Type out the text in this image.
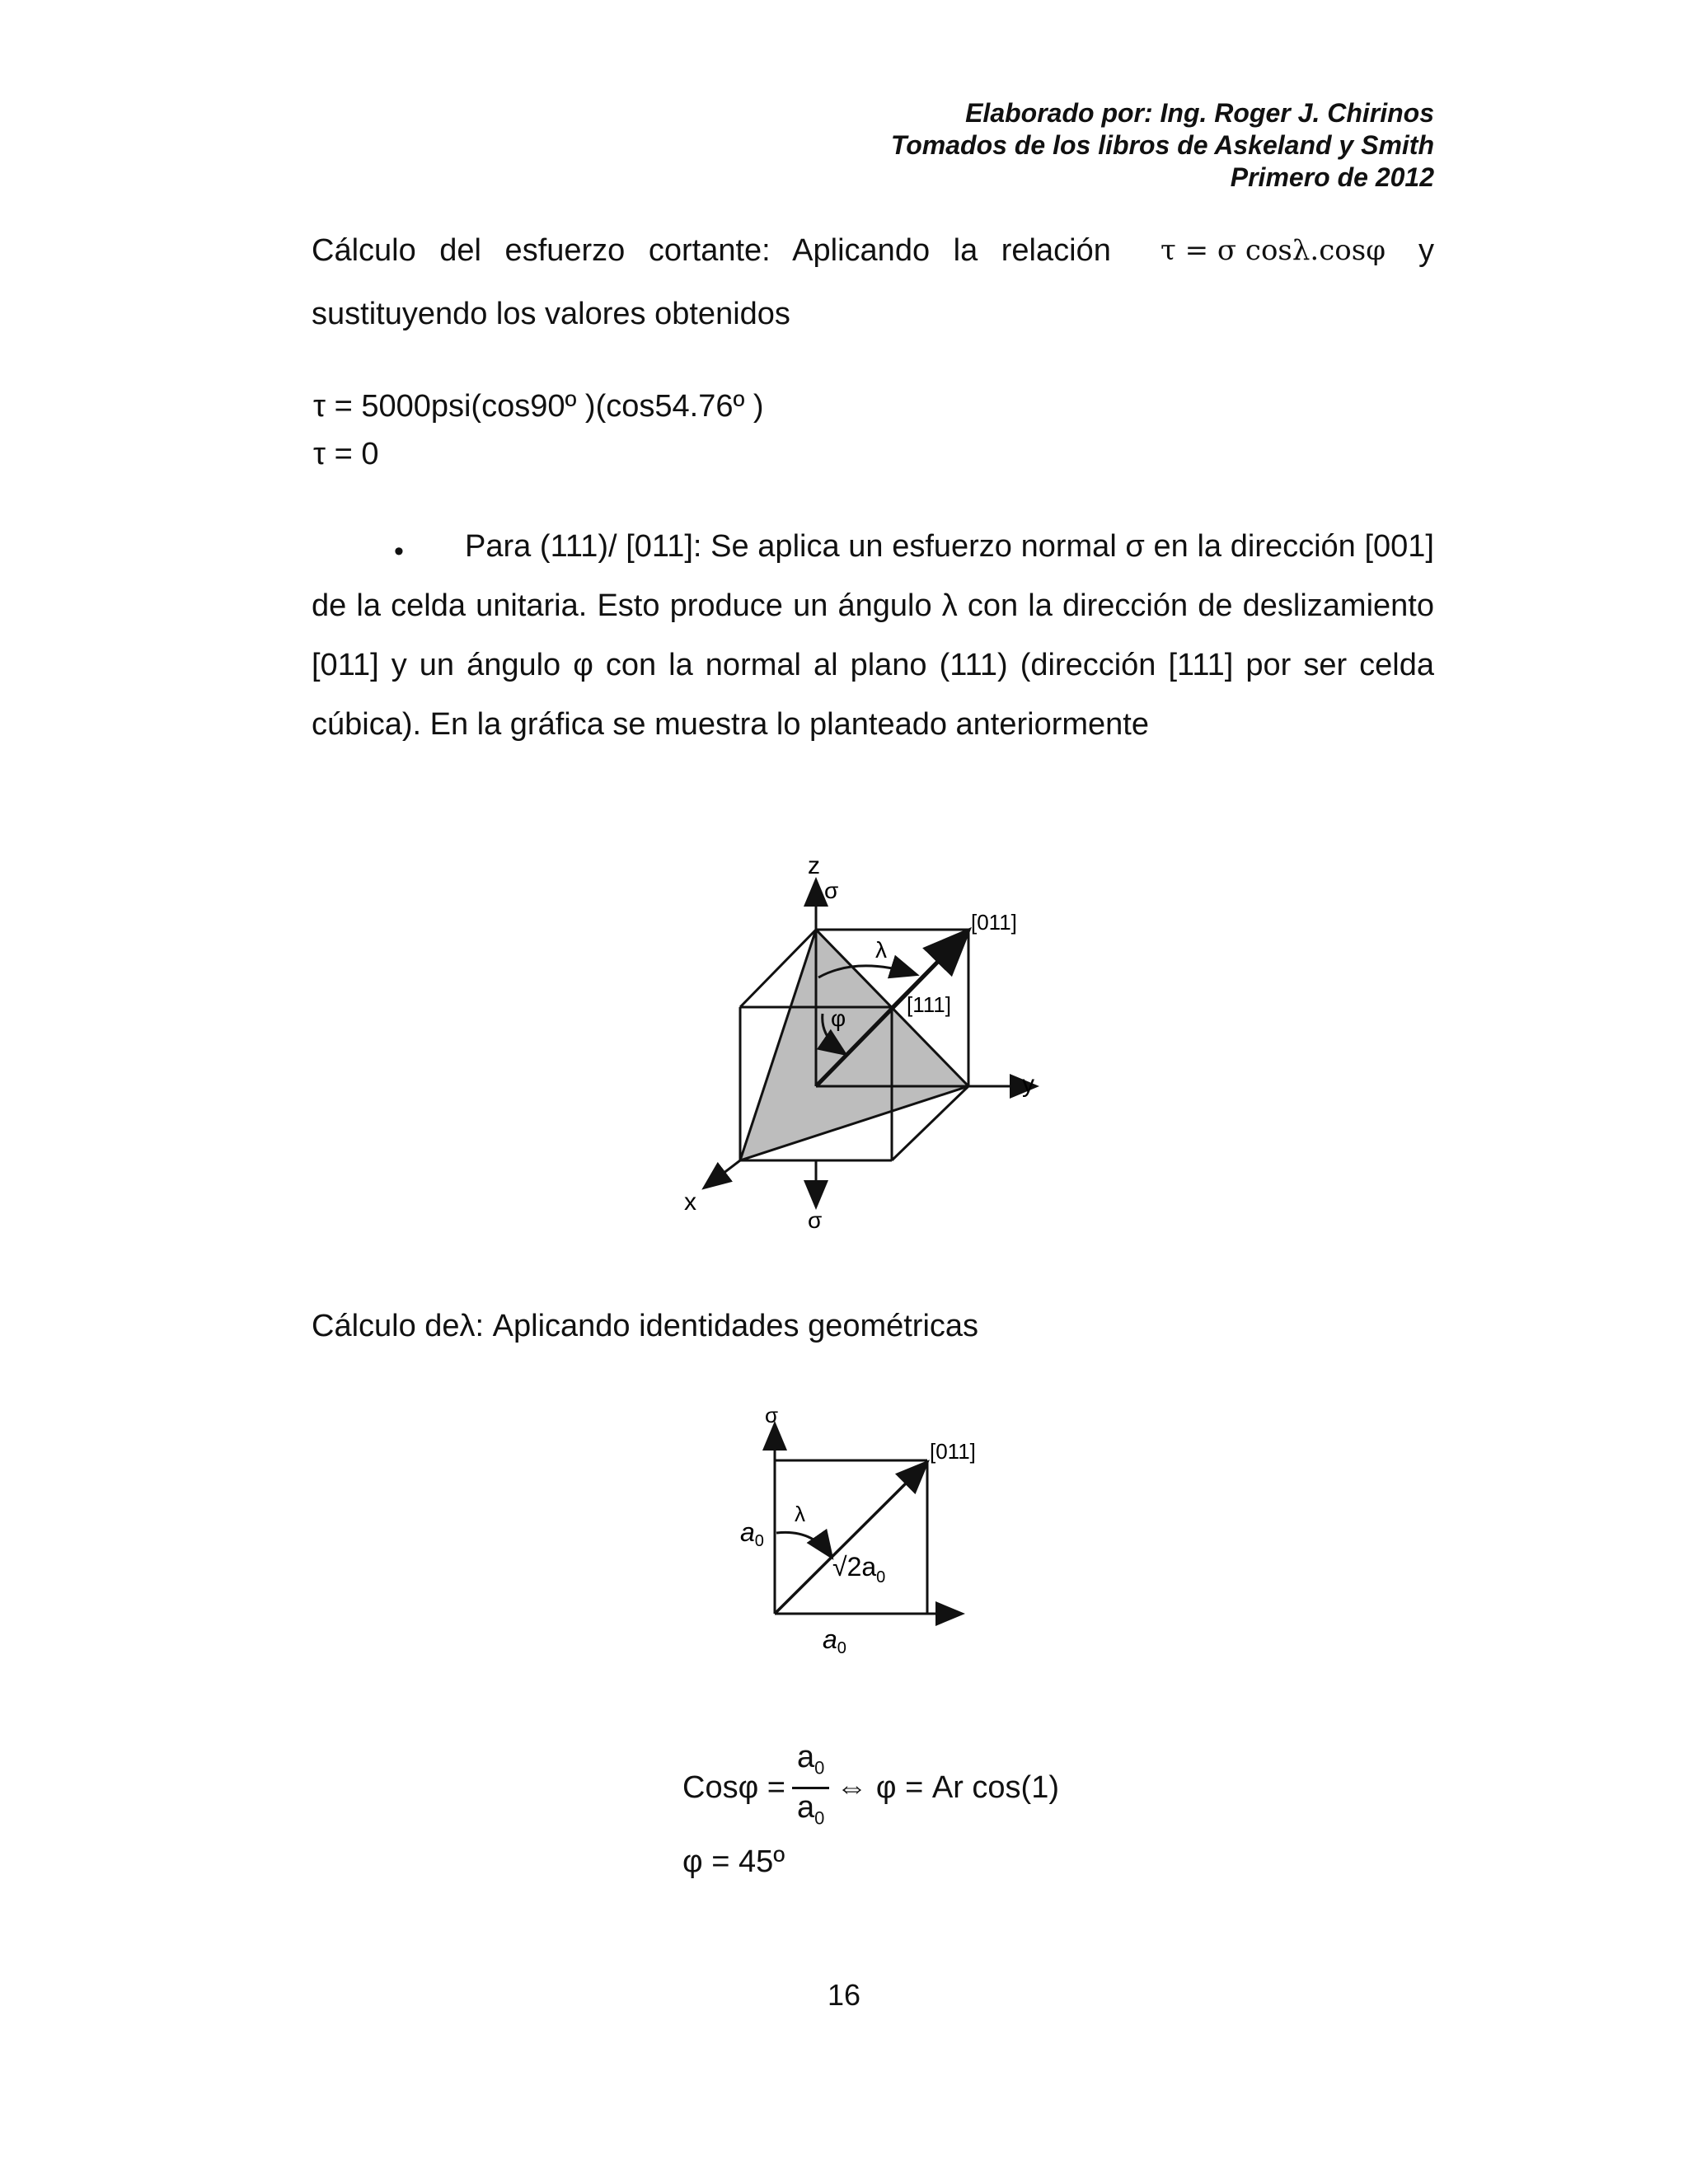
Elaborado por: Ing. Roger J. Chirinos
Tomados de los libros de Askeland y Smith
Primero de 2012
Cálculo del esfuerzo cortante: Aplicando la relación τ = σ cosλ.cosφ y
sustituyendo los valores obtenidos
τ = 5000psi(cos90º )(cos54.76º )
τ = 0
•	Para (111)/ [011]: Se aplica un esfuerzo normal σ en la dirección [001] de la celda unitaria. Esto produce un ángulo λ con la dirección de deslizamiento [011] y un ángulo φ con la normal al plano (111) (dirección [111] por ser celda cúbica). En la gráfica se muestra lo planteado anteriormente
z
σ
[011]
λ
[111]
φ
y
x
σ
Cálculo deλ: Aplicando identidades geométricas
σ
[011]
λ
a0
$√2a_0$
a0
$Cos\varphi = \frac{a_0}{a_0}$ ⇔ φ = Ar cos(1)
φ = 45º
16
